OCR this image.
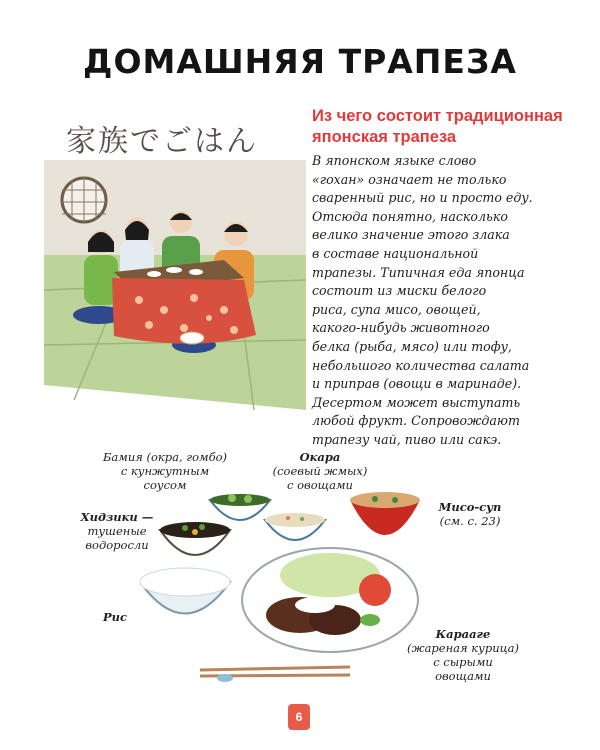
ДОМАШНЯЯ ТРАПЕЗА
家族でごはん
Из чего состоит традиционная
японская трапеза
В японском языке слово
«гохан» означает не только
сваренный рис, но и просто еду.
Отсюда понятно, насколько
велико значение этого злака
в составе национальной
трапезы. Типичная еда японца
состоит из миски белого
риса, супа мисо, овощей,
какого-нибудь животного
белка (рыба, мясо) или тофу,
небольшого количества салата
и приправ (овощи в маринаде).
Десертом может выступать
любой фрукт. Сопровождают
трапезу чай, пиво или сакэ.
Бамия (окра, гомбо)
с кунжутным
соусом
Окара
(соевый жмых)
с овощами
Хидзики —
тушеные
водоросли
Мисо-суп
(см. с. 23)
Рис
Карааге
(жареная курица)
с сырыми
овощами
6
